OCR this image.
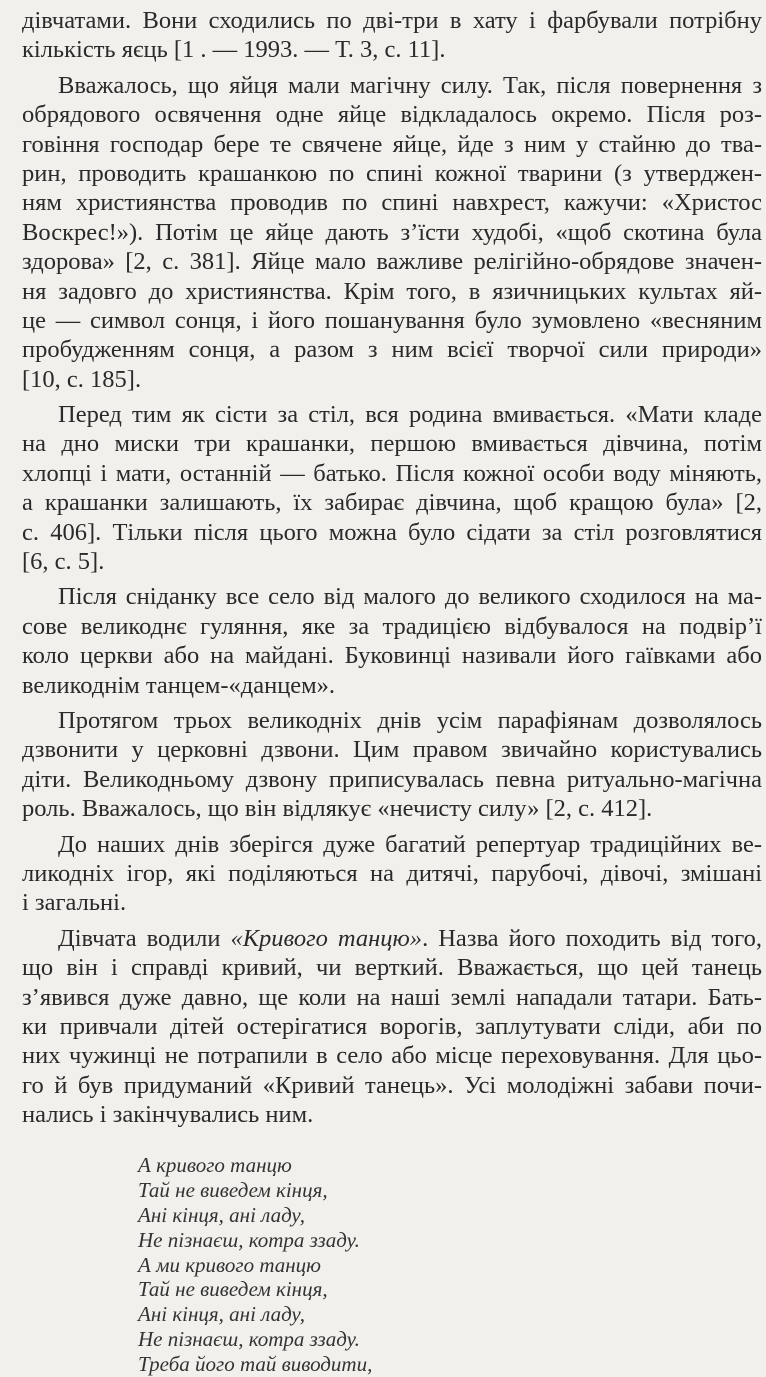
дівчатами. Вони сходились по дві-три в хату і фарбували потрібну
кількість яєць [1 . — 1993. — Т. 3, с. 11].
Вважалось, що яйця мали магічну силу. Так, після повернення з
обрядового освячення одне яйце відкладалось окремо. Після роз-
говіння господар бере те свячене яйце, йде з ним у стайню до тва-
рин, проводить крашанкою по спині кожної тварини (з утверджен-
ням християнства проводив по спині навхрест, кажучи: «Христос
Воскрес!»). Потім це яйце дають з’їсти худобі, «щоб скотина була
здорова» [2, с. 381]. Яйце мало важливе релігійно-обрядове значен-
ня задовго до християнства. Крім того, в язичницьких культах яй-
це — символ сонця, і його пошанування було зумовлено «весняним
пробудженням сонця, а разом з ним всієї творчої сили природи»
[10, с. 185].
Перед тим як сісти за стіл, вся родина вмивається. «Мати кладе
на дно миски три крашанки, першою вмивається дівчина, потім
хлопці і мати, останній — батько. Після кожної особи воду міняють,
а крашанки залишають, їх забирає дівчина, щоб кращою була» [2,
с. 406]. Тільки після цього можна було сідати за стіл розговлятися
[6, с. 5].
Після сніданку все село від малого до великого сходилося на ма-
сове великоднє гуляння, яке за традицією відбувалося на подвір’ї
коло церкви або на майдані. Буковинці називали його гаївками або
великоднім танцем-«данцем».
Протягом трьох великодніх днів усім парафіянам дозволялось
дзвонити у церковні дзвони. Цим правом звичайно користувались
діти. Великодньому дзвону приписувалась певна ритуально-магічна
роль. Вважалось, що він відлякує «нечисту силу» [2, с. 412].
До наших днів зберігся дуже багатий репертуар традиційних ве-
ликодніх ігор, які поділяються на дитячі, парубочі, дівочі, змішані
і загальні.
Дівчата водили «Кривого танцю». Назва його походить від того,
що він і справді кривий, чи верткий. Вважається, що цей танець
з’явився дуже давно, ще коли на наші землі нападали татари. Бать-
ки привчали дітей остерігатися ворогів, заплутувати сліди, аби по
них чужинці не потрапили в село або місце переховування. Для цьо-
го й був придуманий «Кривий танець». Усі молодіжні забави почи-
нались і закінчувались ним.
А кривого танцю
Тай не виведем кінця,
Ані кінця, ані ладу,
Не пізнаєш, котра ззаду.
А ми кривого танцю
Тай не виведем кінця,
Ані кінця, ані ладу,
Не пізнаєш, котра ззаду.
Треба його тай виводити,
